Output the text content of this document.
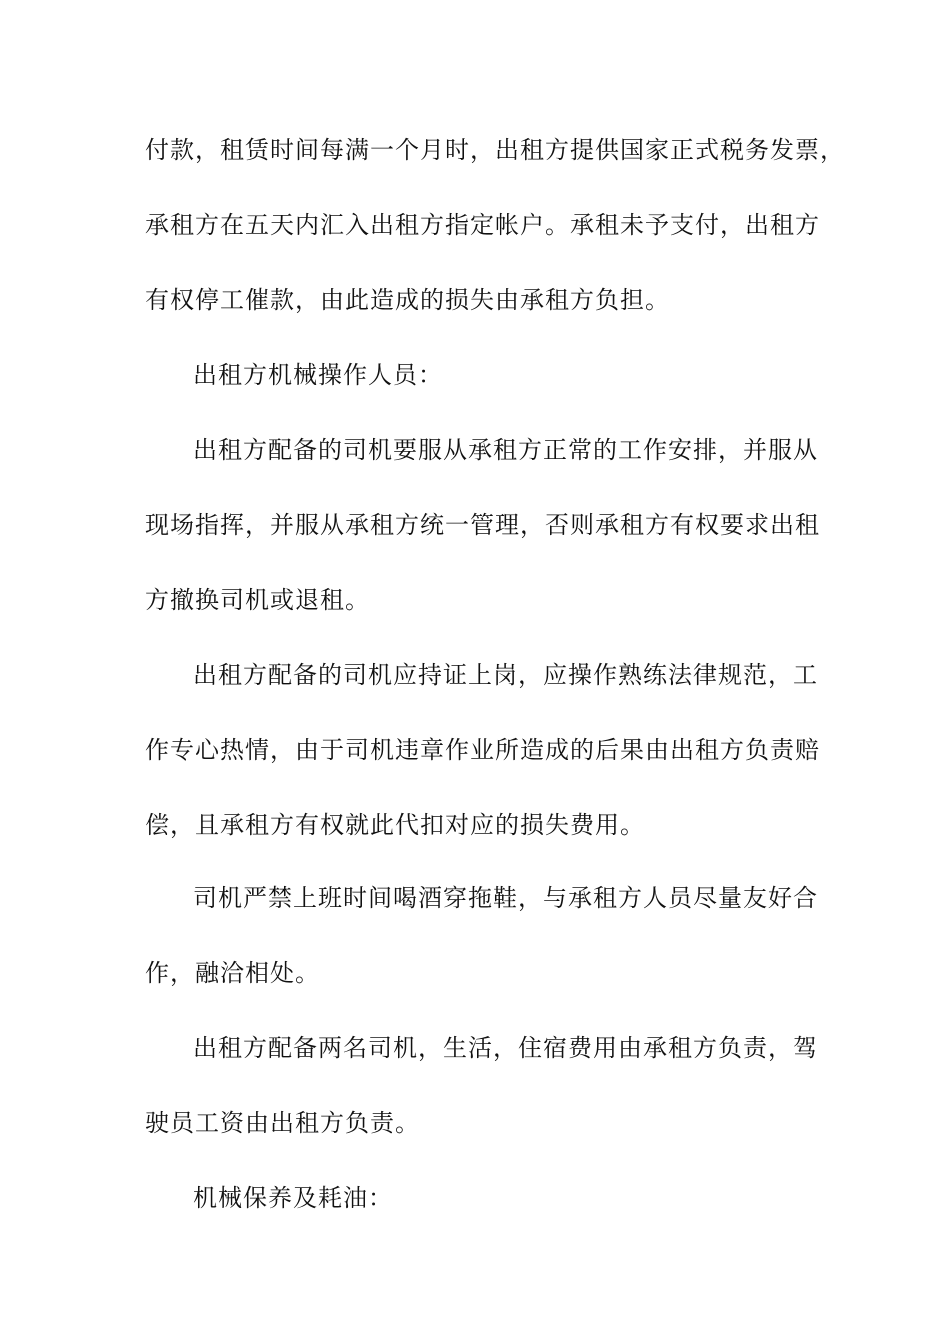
付款，租赁时间每满一个月时，出租方提供国家正式税务发票，
承租方在五天内汇入出租方指定帐户。承租未予支付，出租方
有权停工催款，由此造成的损失由承租方负担。
出租方机械操作人员：
出租方配备的司机要服从承租方正常的工作安排，并服从
现场指挥，并服从承租方统一管理，否则承租方有权要求出租
方撤换司机或退租。
出租方配备的司机应持证上岗，应操作熟练法律规范，工
作专心热情，由于司机违章作业所造成的后果由出租方负责赔
偿，且承租方有权就此代扣对应的损失费用。
司机严禁上班时间喝酒穿拖鞋，与承租方人员尽量友好合
作，融洽相处。
出租方配备两名司机，生活，住宿费用由承租方负责，驾
驶员工资由出租方负责。
机械保养及耗油：
